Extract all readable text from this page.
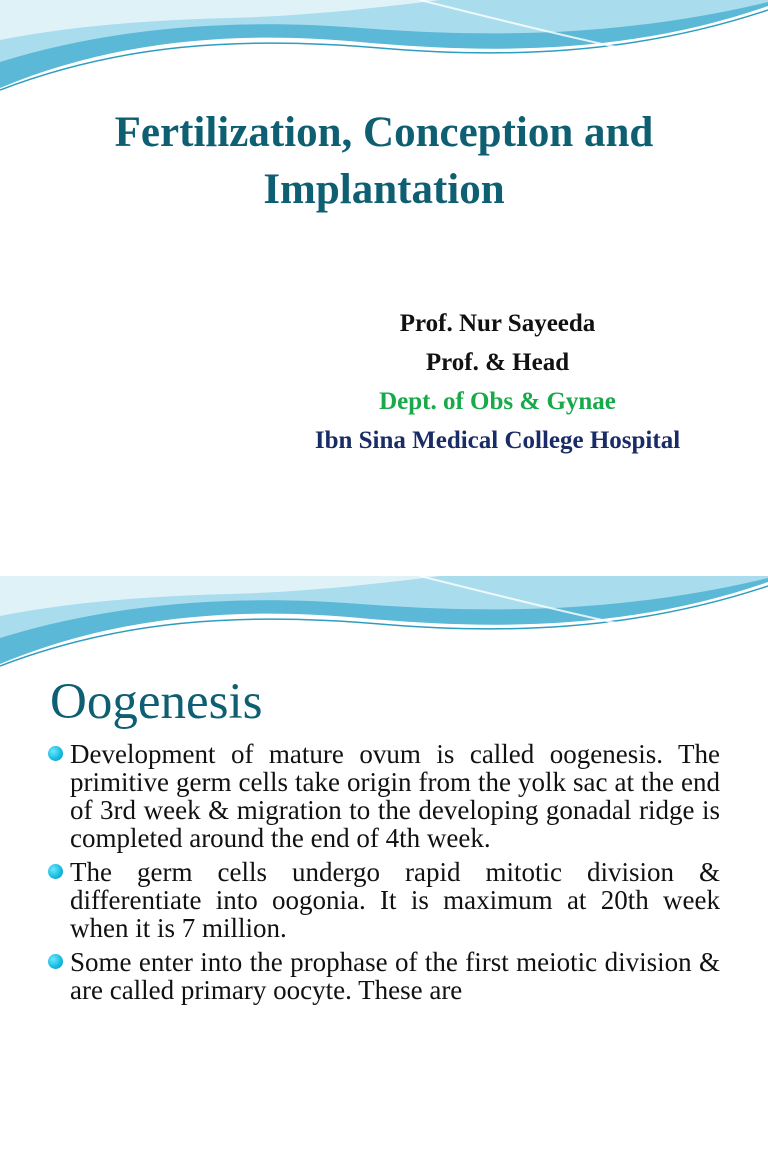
Fertilization, Conception and
Implantation
Prof. Nur Sayeeda
Prof. & Head
Dept. of Obs & Gynae
Ibn Sina Medical College Hospital
Oogenesis
Development of mature ovum is called oogenesis. The primitive germ cells take origin from the yolk sac at the end of 3rd week & migration to the developing gonadal ridge is completed around the end of 4th week.
The germ cells undergo rapid mitotic division & differentiate into oogonia. It is maximum at 20th week when it is 7 million.
Some enter into the prophase of the first meiotic division & are called primary oocyte. These are
